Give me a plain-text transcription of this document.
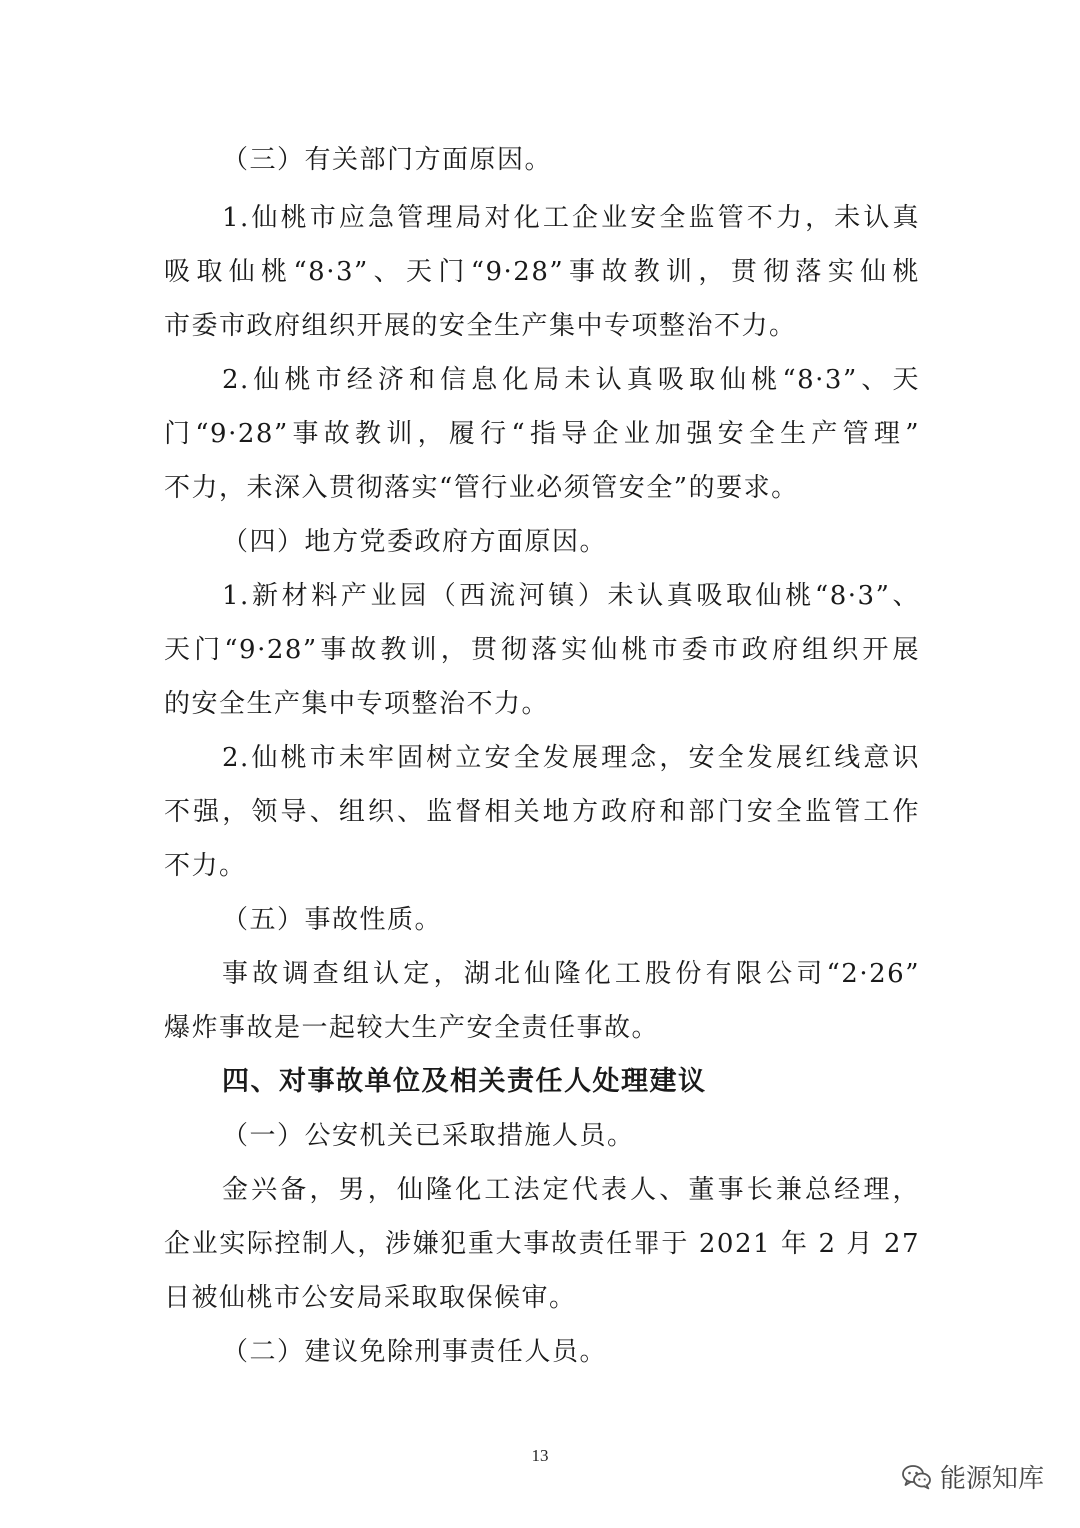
（三）有关部门方面原因。
1.仙桃市应急管理局对化工企业安全监管不力，未认真
吸取仙桃“8·3”、天门“9·28”事故教训，贯彻落实仙桃
市委市政府组织开展的安全生产集中专项整治不力。
2.仙桃市经济和信息化局未认真吸取仙桃“8·3”、天
门“9·28”事故教训，履行“指导企业加强安全生产管理”
不力，未深入贯彻落实“管行业必须管安全”的要求。
（四）地方党委政府方面原因。
1.新材料产业园（西流河镇）未认真吸取仙桃“8·3”、
天门“9·28”事故教训，贯彻落实仙桃市委市政府组织开展
的安全生产集中专项整治不力。
2.仙桃市未牢固树立安全发展理念，安全发展红线意识
不强，领导、组织、监督相关地方政府和部门安全监管工作
不力。
（五）事故性质。
事故调查组认定，湖北仙隆化工股份有限公司“2·26”
爆炸事故是一起较大生产安全责任事故。
四、对事故单位及相关责任人处理建议
（一）公安机关已采取措施人员。
金兴备，男，仙隆化工法定代表人、董事长兼总经理，
企业实际控制人，涉嫌犯重大事故责任罪于 2021 年 2 月 27
日被仙桃市公安局采取取保候审。
（二）建议免除刑事责任人员。
13
能源知库
